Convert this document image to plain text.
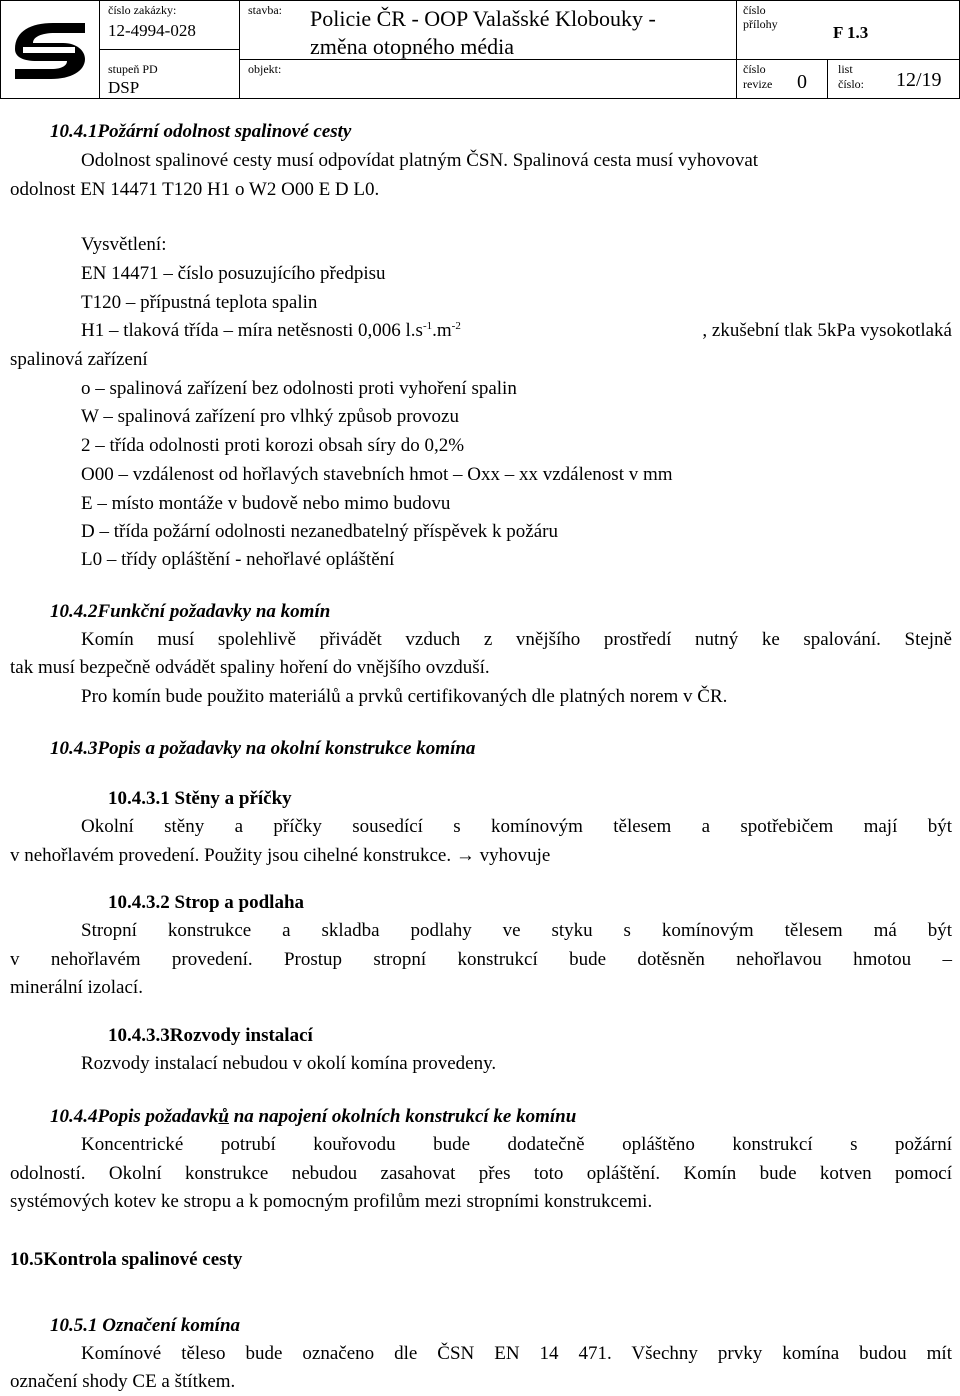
číslo zakázky:
12-4994-028
stupeň PD
DSP
stavba: Policie ČR - OOP Valašské Klobouky -
změna otopného média
objekt:
číslo
přílohy	F 1.3
číslo
revize 0
list
číslo: 12/19
10.4.1Požární odolnost spalinové cesty
Odolnost spalinové cesty musí odpovídat platným ČSN. Spalinová cesta musí vyhovovat
odolnost EN 14471 T120 H1 o W2 O00 E D L0.
Vysvětlení:
EN 14471 – číslo posuzujícího předpisu
T120 – přípustná teplota spalin
H1 – tlaková třída – míra netěsnosti 0,006 $l.s^{-1}.m^{-2}$	, zkušební tlak 5kPa vysokotlaká
spalinová zařízení
o – spalinová zařízení bez odolnosti proti vyhoření spalin
W – spalinová zařízení pro vlhký způsob provozu
2 – třída odolnosti proti korozi obsah síry do 0,2%
O00 – vzdálenost od hořlavých stavebních hmot – Oxx – xx vzdálenost v mm
E – místo montáže v budově nebo mimo budovu
D – třída požární odolnosti nezanedbatelný příspěvek k požáru
L0 – třídy opláštění - nehořlavé opláštění
10.4.2Funkční požadavky na komín
Komín musí spolehlivě přivádět vzduch z vnějšího prostředí nutný ke spalování. Stejně
tak musí bezpečně odvádět spaliny hoření do vnějšího ovzduší.
Pro komín bude použito materiálů a prvků certifikovaných dle platných norem v ČR.
10.4.3Popis a požadavky na okolní konstrukce komína
10.4.3.1 Stěny a příčky
Okolní stěny a příčky sousedící s komínovým tělesem a spotřebičem mají být
v nehořlavém provedení. Použity jsou cihelné konstrukce. → vyhovuje
10.4.3.2 Strop a podlaha
Stropní konstrukce a skladba podlahy ve styku s komínovým tělesem má být
v nehořlavém provedení. Prostup stropní konstrukcí bude dotěsněn nehořlavou hmotou –
minerální izolací.
10.4.3.3Rozvody instalací
Rozvody instalací nebudou v okolí komína provedeny.
10.4.4Popis požadavků na napojení okolních konstrukcí ke komínu
Koncentrické potrubí kouřovodu bude dodatečně opláštěno konstrukcí s požární
odolností. Okolní konstrukce nebudou zasahovat přes toto opláštění. Komín bude kotven pomocí
systémových kotev ke stropu a k pomocným profilům mezi stropními konstrukcemi.
10.5Kontrola spalinové cesty
10.5.1 Označení komína
Komínové těleso bude označeno dle ČSN EN 14 471. Všechny prvky komína budou mít
označení shody CE a štítkem.
